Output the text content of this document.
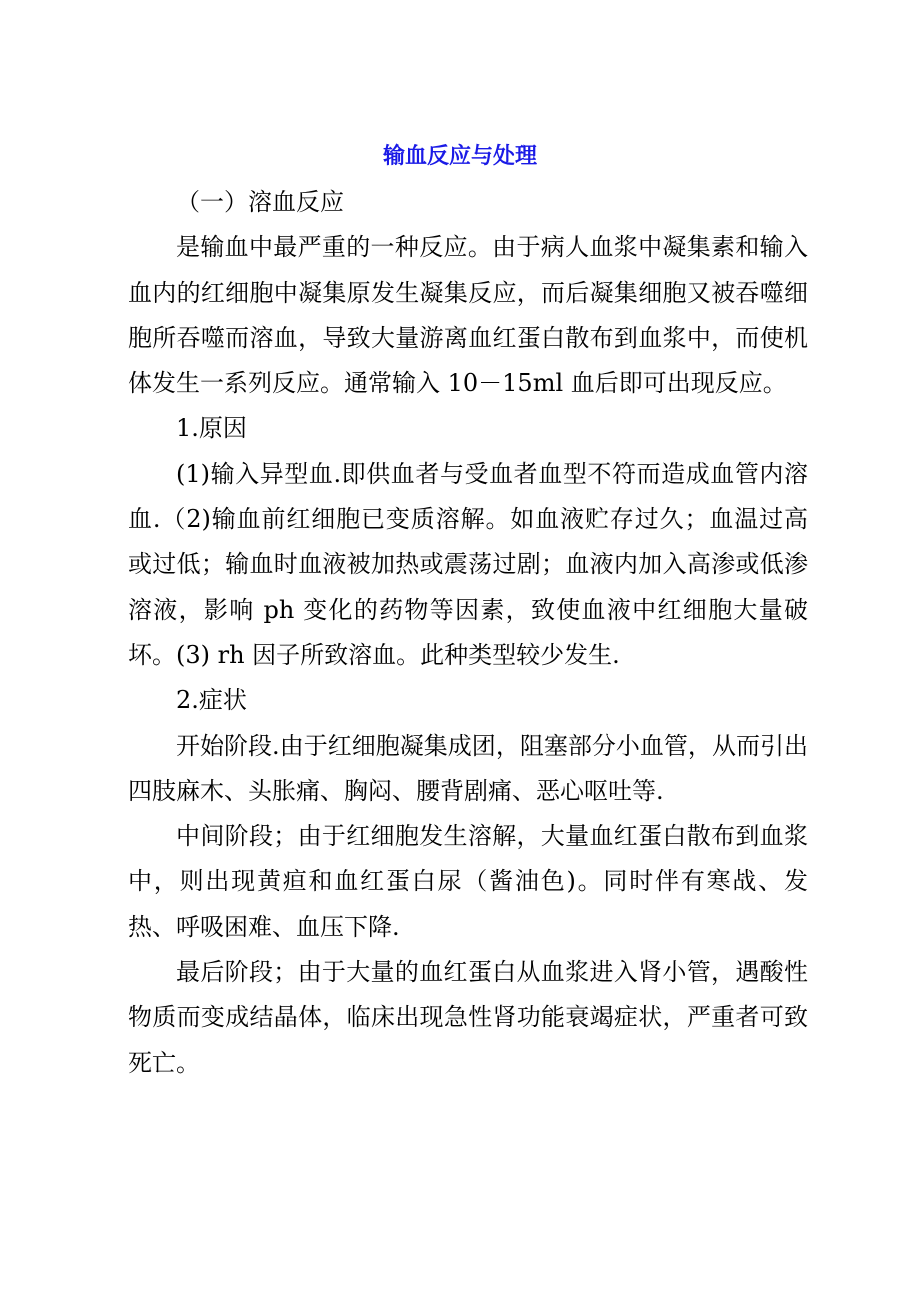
输血反应与处理

（一）溶血反应

是输血中最严重的一种反应。由于病人血浆中凝集素和输入血内的红细胞中凝集原发生凝集反应，而后凝集细胞又被吞噬细胞所吞噬而溶血，导致大量游离血红蛋白散布到血浆中，而使机体发生一系列反应。通常输入 10－15ml 血后即可出现反应。

1.原因

(1)输入异型血.即供血者与受血者血型不符而造成血管内溶血.（2)输血前红细胞已变质溶解。如血液贮存过久；血温过高或过低；输血时血液被加热或震荡过剧；血液内加入高渗或低渗溶液，影响 ph 变化的药物等因素，致使血液中红细胞大量破坏。(3) rh 因子所致溶血。此种类型较少发生.

2.症状

开始阶段.由于红细胞凝集成团，阻塞部分小血管，从而引出四肢麻木、头胀痛、胸闷、腰背剧痛、恶心呕吐等.

中间阶段；由于红细胞发生溶解，大量血红蛋白散布到血浆中，则出现黄疸和血红蛋白尿（酱油色)。同时伴有寒战、发热、呼吸困难、血压下降.

最后阶段；由于大量的血红蛋白从血浆进入肾小管，遇酸性物质而变成结晶体，临床出现急性肾功能衰竭症状，严重者可致死亡。
